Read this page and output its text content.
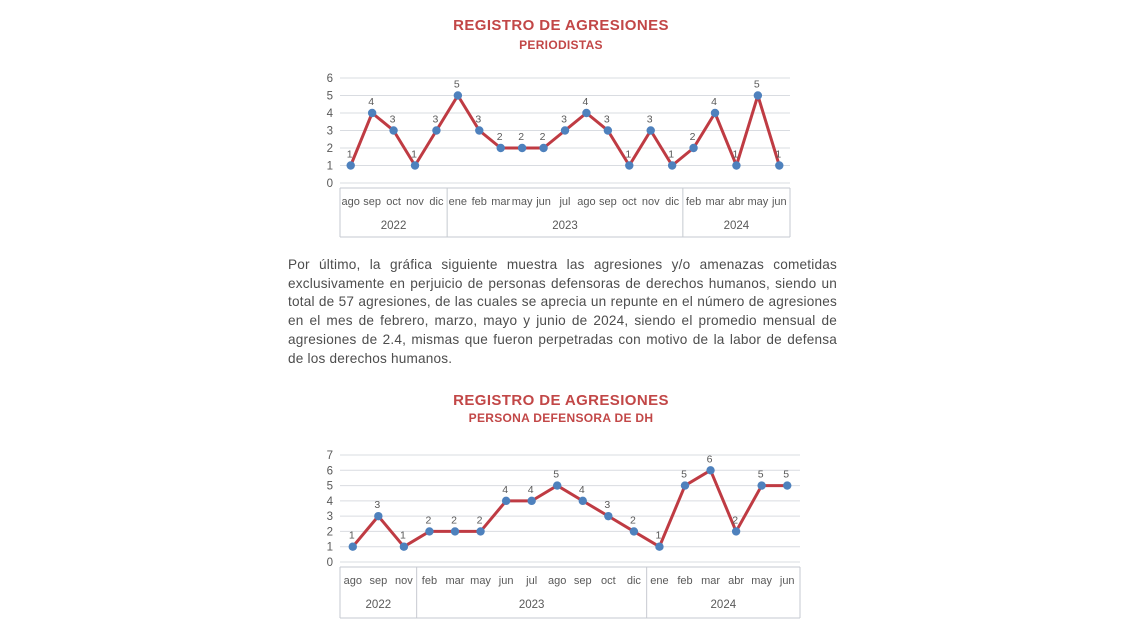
REGISTRO DE AGRESIONES
PERIODISTAS
0
1
2
3
4
5
6
ago sep oct nov dic ene feb mar may jun jul ago sep oct nov dic feb mar abr may jun
2022	2023	2024
1
4
3
1
3
5
3
2 2 2
3
4
3
1
3
1
2
4
1
5
1

Por último, la gráfica siguiente muestra las agresiones y/o amenazas cometidas exclusivamente en perjuicio de personas defensoras de derechos humanos, siendo un total de 57 agresiones, de las cuales se aprecia un repunte en el número de agresiones en el mes de febrero, marzo, mayo y junio de 2024, siendo el promedio mensual de agresiones de 2.4, mismas que fueron perpetradas con motivo de la labor de defensa de los derechos humanos.

REGISTRO DE AGRESIONES
PERSONA DEFENSORA DE DH
0
1
2
3
4
5
6
7
ago sep nov feb mar may jun jul ago sep oct dic ene feb mar abr may jun
2022	2023	2024
1
3
1
2 2 2
4 4
5
4
3
2
1
5
6
2
5 5
